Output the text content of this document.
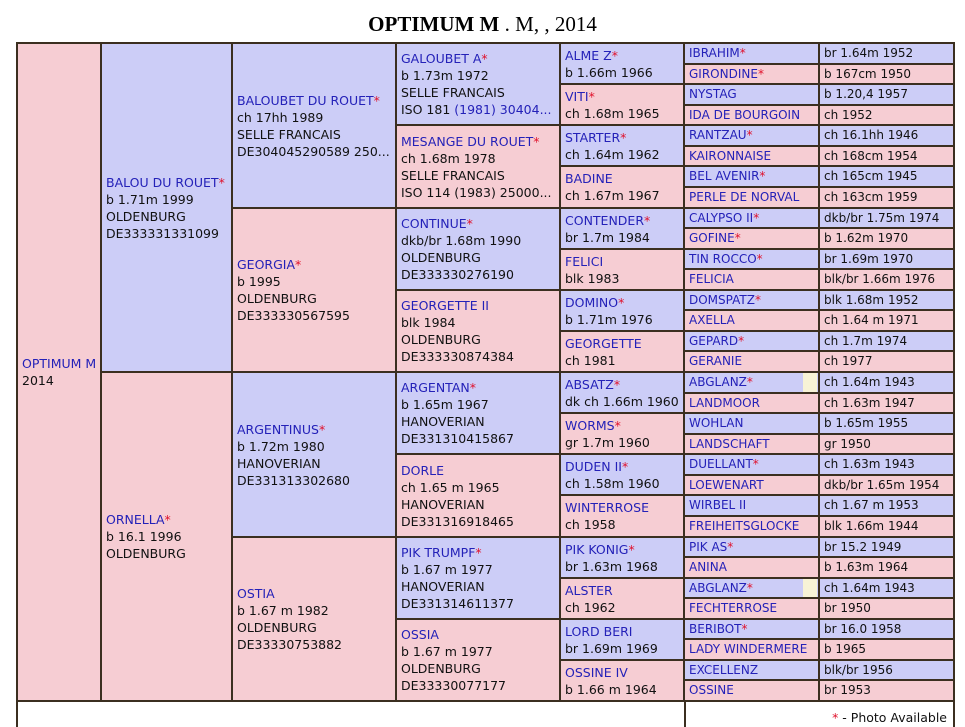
OPTIMUM M . M, , 2014
OPTIMUM M
2014
BALOU DU ROUET*
b 1.71m 1999
OLDENBURG
DE333331331099
ORNELLA*
b 16.1 1996
OLDENBURG
BALOUBET DU ROUET*
ch 17hh 1989
SELLE FRANCAIS
DE304045290589 250...
GEORGIA*
b 1995
OLDENBURG
DE333330567595
ARGENTINUS*
b 1.72m 1980
HANOVERIAN
DE331313302680
OSTIA
b 1.67 m 1982
OLDENBURG
DE33330753882
GALOUBET A*
b 1.73m 1972
SELLE FRANCAIS
ISO 181 (1981) 30404...
MESANGE DU ROUET*
ch 1.68m 1978
SELLE FRANCAIS
ISO 114 (1983) 25000...
CONTINUE*
dkb/br 1.68m 1990
OLDENBURG
DE333330276190
GEORGETTE II
blk 1984
OLDENBURG
DE333330874384
ARGENTAN*
b 1.65m 1967
HANOVERIAN
DE331310415867
DORLE
ch 1.65 m 1965
HANOVERIAN
DE331316918465
PIK TRUMPF*
b 1.67 m 1977
HANOVERIAN
DE331314611377
OSSIA
b 1.67 m 1977
OLDENBURG
DE33330077177
ALME Z*
b 1.66m 1966
VITI*
ch 1.68m 1965
STARTER*
ch 1.64m 1962
BADINE
ch 1.67m 1967
CONTENDER*
br 1.7m 1984
FELICI
blk 1983
DOMINO*
b 1.71m 1976
GEORGETTE
ch 1981
ABSATZ*
dk ch 1.66m 1960
WORMS*
gr 1.7m 1960
DUDEN II*
ch 1.58m 1960
WINTERROSE
ch 1958
PIK KONIG*
br 1.63m 1968
ALSTER
ch 1962
LORD BERI
br 1.69m 1969
OSSINE IV
b 1.66 m 1964
IBRAHIM*	br 1.64m 1952
GIRONDINE*	b 167cm 1950
NYSTAG	b 1.20,4 1957
IDA DE BOURGOIN	ch 1952
RANTZAU*	ch 16.1hh 1946
KAIRONNAISE	ch 168cm 1954
BEL AVENIR*	ch 165cm 1945
PERLE DE NORVAL	ch 163cm 1959
CALYPSO II*	dkb/br 1.75m 1974
GOFINE*	b 1.62m 1970
TIN ROCCO*	br 1.69m 1970
FELICIA	blk/br 1.66m 1976
DOMSPATZ*	blk 1.68m 1952
AXELLA	ch 1.64 m 1971
GEPARD*	ch 1.7m 1974
GERANIE	ch 1977
ABGLANZ*	ch 1.64m 1943
LANDMOOR	ch 1.63m 1947
WOHLAN	b 1.65m 1955
LANDSCHAFT	gr 1950
DUELLANT*	ch 1.63m 1943
LOEWENART	dkb/br 1.65m 1954
WIRBEL II	ch 1.67 m 1953
FREIHEITSGLOCKE	blk 1.66m 1944
PIK AS*	br 15.2 1949
ANINA	b 1.63m 1964
ABGLANZ*	ch 1.64m 1943
FECHTERROSE	br 1950
BERIBOT*	br 16.0 1958
LADY WINDERMERE	b 1965
EXCELLENZ	blk/br 1956
OSSINE	br 1953
* - Photo Available
